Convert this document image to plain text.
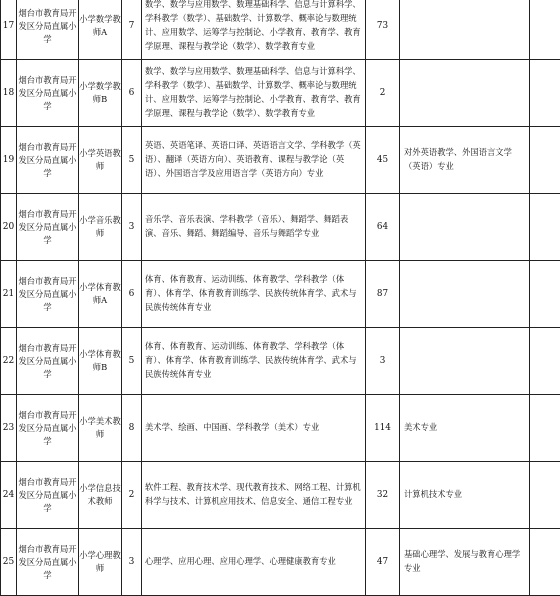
17	烟台市教育局开发区分局直属小学	小学数学教师A	7	数学、数学与应用数学、数理基础科学、信息与计算科学、学科教学（数学）、基础数学、计算数学、概率论与数理统计、应用数学、运筹学与控制论、小学教育、教育学、教育学原理、课程与教学论（数学）、数学教育专业	73		
18	烟台市教育局开发区分局直属小学	小学数学教师B	6	数学、数学与应用数学、数理基础科学、信息与计算科学、学科教学（数学）、基础数学、计算数学、概率论与数理统计、应用数学、运筹学与控制论、小学教育、教育学、教育学原理、课程与教学论（数学）、数学教育专业	2		
19	烟台市教育局开发区分局直属小学	小学英语教师	5	英语、英语笔译、英语口译、英语语言文学、学科教学（英语）、翻译（英语方向）、英语教育、课程与教学论（英语）、外国语言学及应用语言学（英语方向）专业	45	对外英语教学、外国语言文学（英语）专业	
20	烟台市教育局开发区分局直属小学	小学音乐教师	3	音乐学、音乐表演、学科教学（音乐）、舞蹈学、舞蹈表演、音乐、舞蹈、舞蹈编导、音乐与舞蹈学专业	64		
21	烟台市教育局开发区分局直属小学	小学体育教师A	6	体育、体育教育、运动训练、体育教学、学科教学（体育）、体育学、体育教育训练学、民族传统体育学、武术与民族传统体育专业	87		
22	烟台市教育局开发区分局直属小学	小学体育教师B	5	体育、体育教育、运动训练、体育教学、学科教学（体育）、体育学、体育教育训练学、民族传统体育学、武术与民族传统体育专业	3		
23	烟台市教育局开发区分局直属小学	小学美术教师	8	美术学、绘画、中国画、学科教学（美术）专业	114	美术专业	
24	烟台市教育局开发区分局直属小学	小学信息技术教师	2	软件工程、教育技术学、现代教育技术、网络工程、计算机科学与技术、计算机应用技术、信息安全、通信工程专业	32	计算机技术专业	
25	烟台市教育局开发区分局直属小学	小学心理教师	3	心理学、应用心理、应用心理学、心理健康教育专业	47	基础心理学、发展与教育心理学专业	
